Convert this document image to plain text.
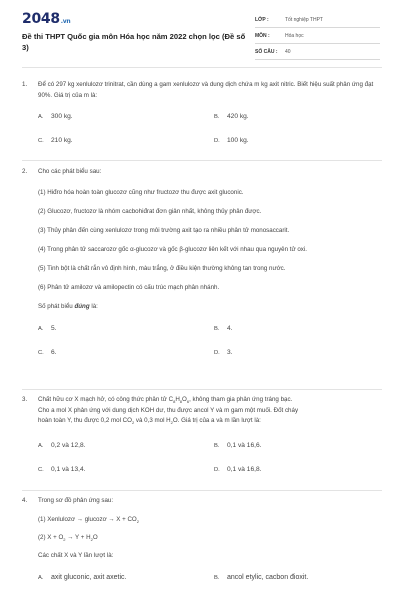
2048.vn
Đề thi THPT Quốc gia môn Hóa học năm 2022 chọn lọc (Đề số 3)
LỚP :	Tốt nghiệp THPT
MÔN :	Hóa học
SỐ CÂU : 40
1. Để có 297 kg xenlulozơ trinitrat, cần dùng a gam xenlulozơ và dung dịch chứa m kg axit nitric. Biết hiệu suất phản ứng đạt 90%. Giá trị của m là:
A. 300 kg.	B. 420 kg.
C. 210 kg.	D. 100 kg.
2. Cho các phát biểu sau:
(1) Hiđro hóa hoàn toàn glucozơ cũng như fructozơ thu được axit gluconic.
(2) Glucozơ, fructozơ là nhóm cacbohiđrat đơn giản nhất, không thủy phân được.
(3) Thủy phân đến cùng xenlulozơ trong môi trường axit tạo ra nhiều phân tử monosaccarit.
(4) Trong phân tử saccarozơ gốc α-glucozơ và gốc β-glucozơ liên kết với nhau qua nguyên tử oxi.
(5) Tinh bột là chất rắn vô định hình, màu trắng, ở điều kiện thường không tan trong nước.
(6) Phân tử amilozơ và amilopectin có cấu trúc mạch phân nhánh.
Số phát biểu đúng là:
A. 5.	B. 4.
C. 6.	D. 3.
3. Chất hữu cơ X mạch hở, có công thức phân tử $C_8H_8O_6$, không tham gia phản ứng tráng bạc.
Cho a mol X phản ứng với dung dịch KOH dư, thu được ancol Y và m gam một muối. Đốt cháy
hoàn toàn Y, thu được 0,2 mol $CO_2$ và 0,3 mol $H_2O$. Giá trị của a và m lần lượt là:
A. 0,2 và 12,8.	B. 0,1 và 16,6.
C. 0,1 và 13,4.	D. 0,1 và 16,8.
4. Trong sơ đồ phản ứng sau:
(1) Xenlulozơ → glucozơ → $X + CO_2$
(2) $X + O_2 \to Y + H_2O$
Các chất X và Y lần lượt là:
A. axit gluconic, axit axetic.	B. ancol etylic, cacbon đioxit.
